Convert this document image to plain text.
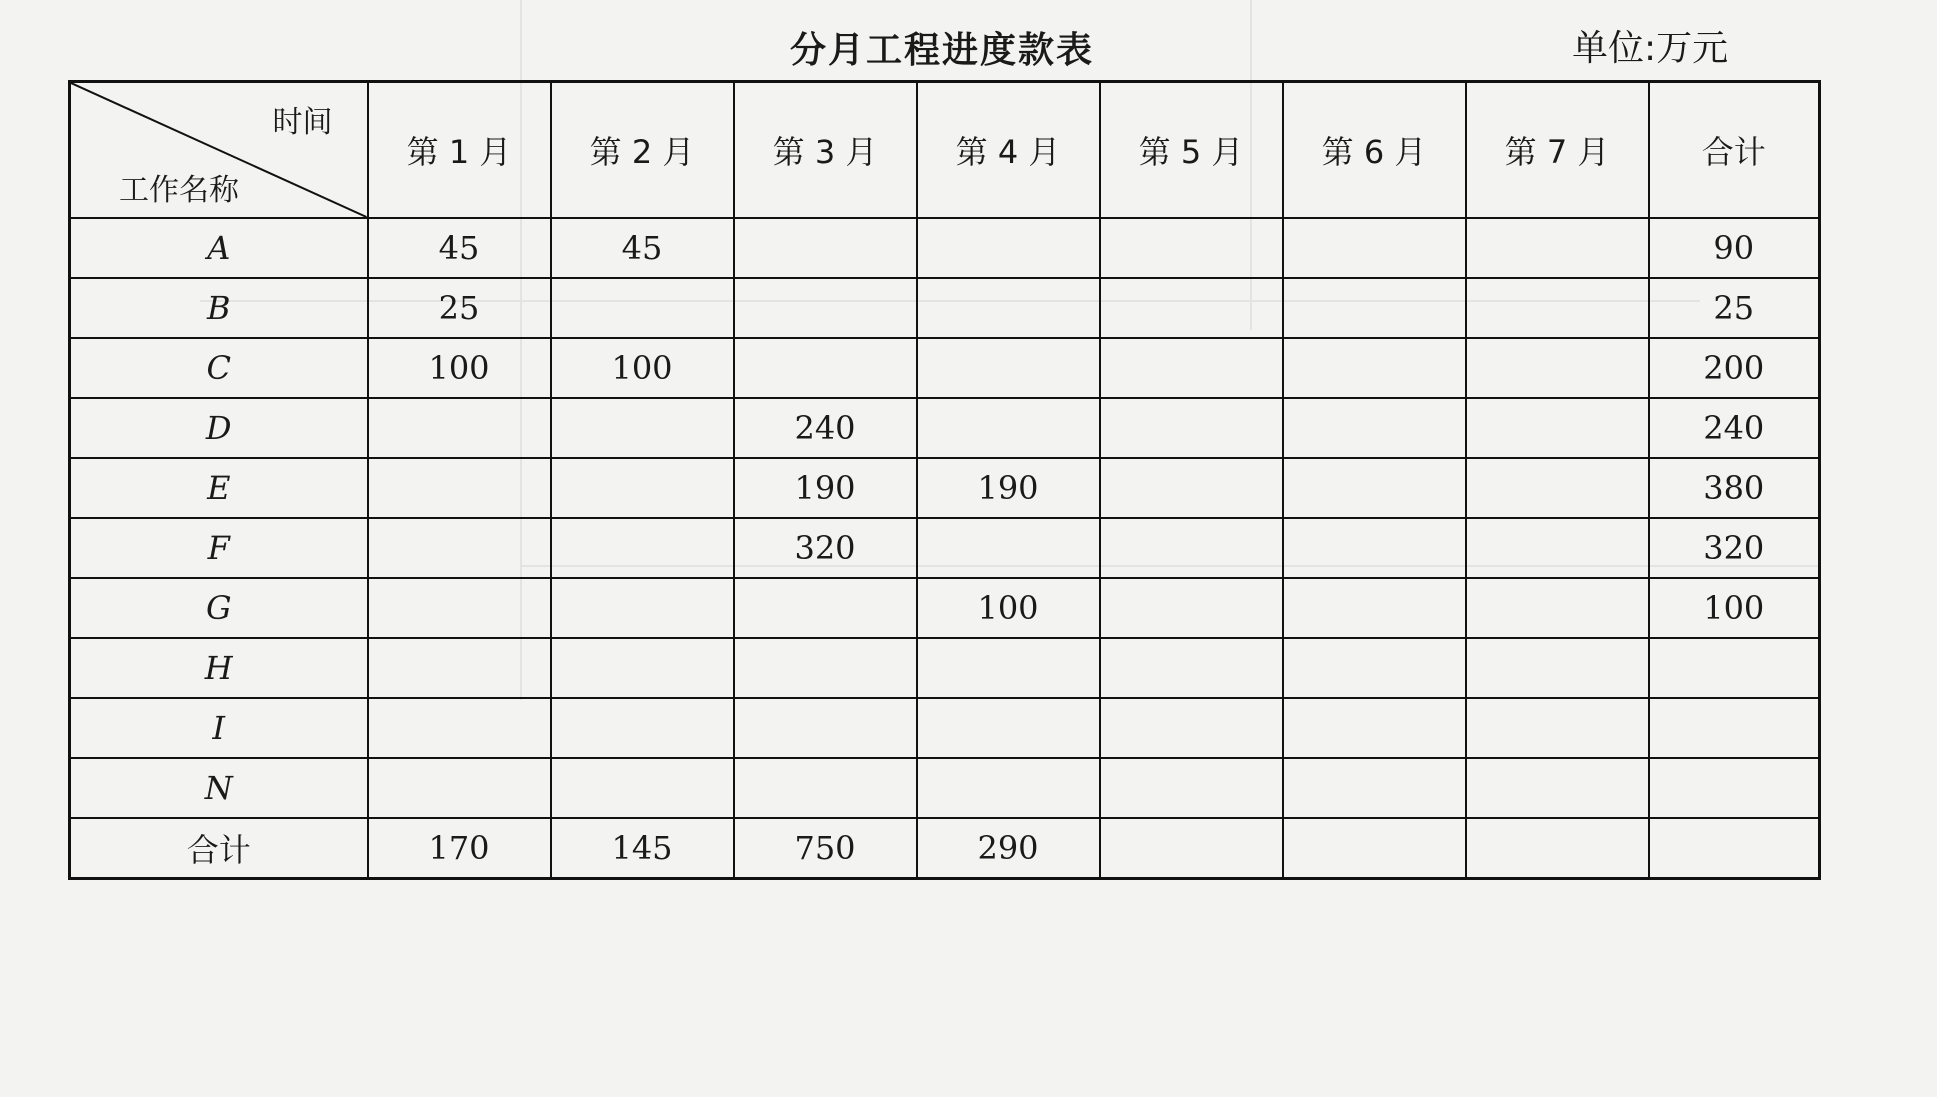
分月工程进度款表	单位:万元
时间
工作名称	第 1 月	第 2 月	第 3 月	第 4 月	第 5 月	第 6 月	第 7 月	合计
A	45	45						90
B	25							25
C	100	100						200
D			240					240
E			190	190				380
F			320					320
G				100				100
H								
I								
N								
合计	170	145	750	290				
